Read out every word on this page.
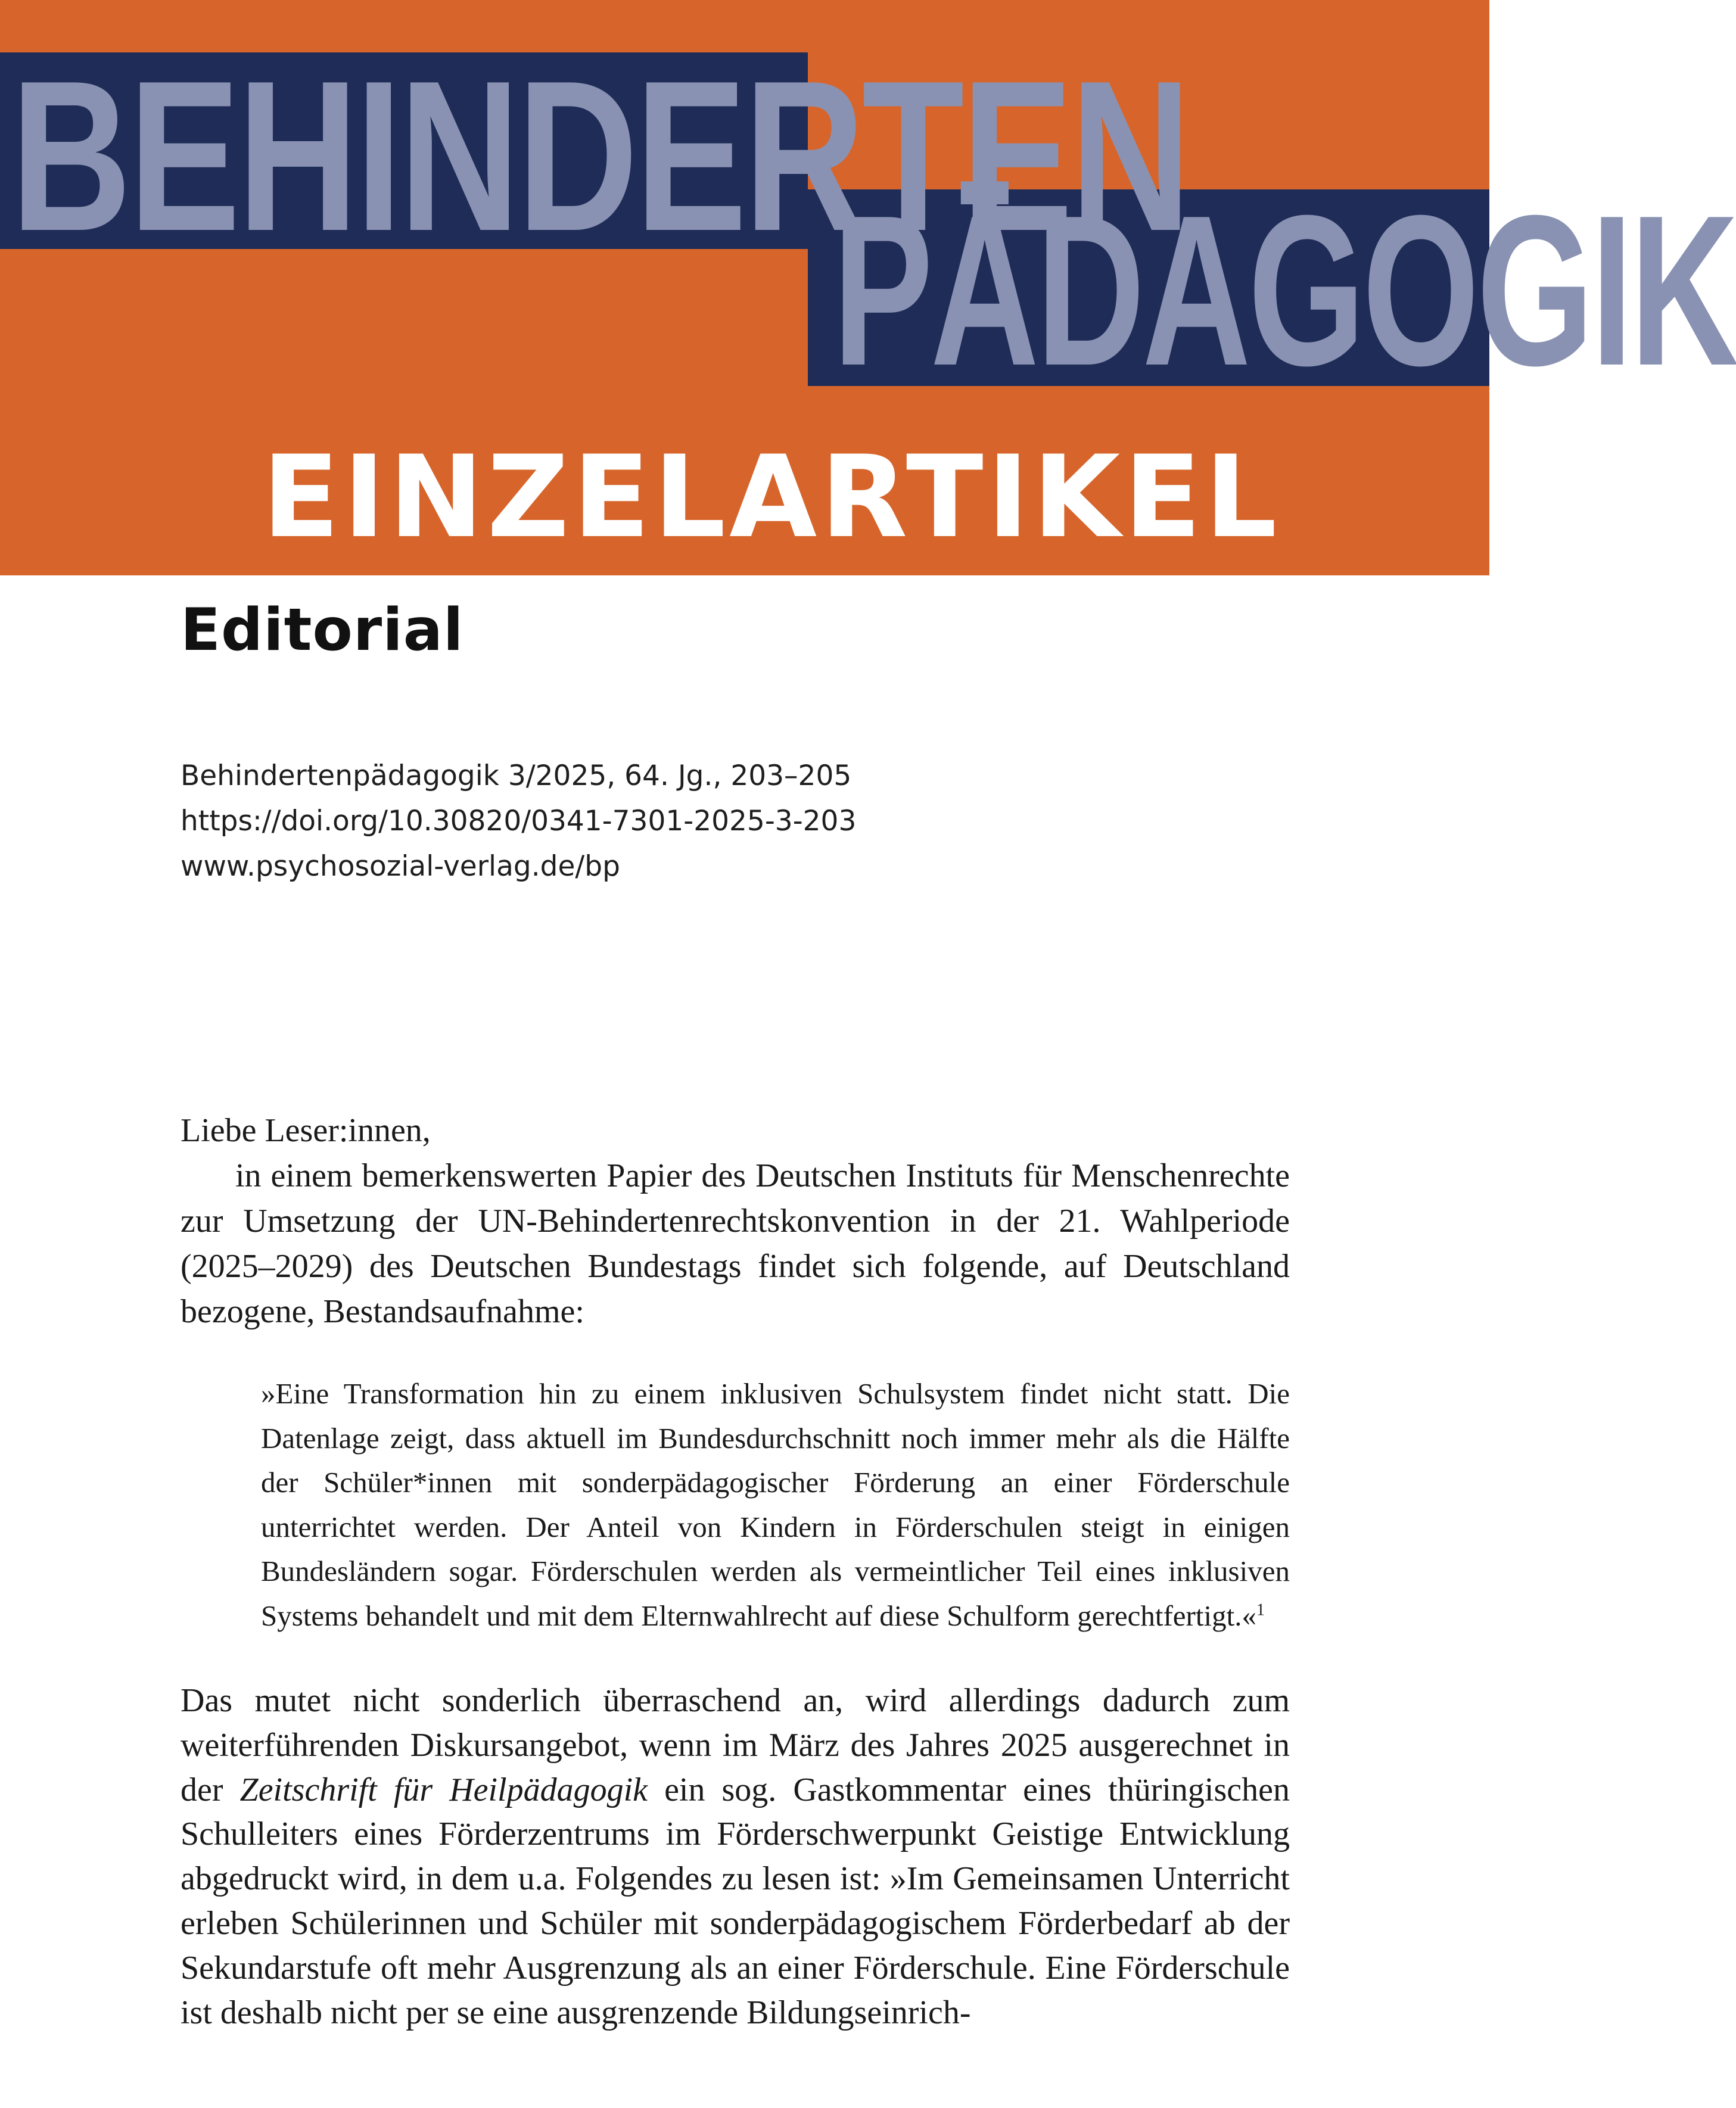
BEHINDERTEN
PÄDAGOGIK
EINZELARTIKEL
Editorial
Behindertenpädagogik 3/2025, 64. Jg., 203–205
https://doi.org/10.30820/0341-7301-2025-3-203
www.psychosozial-verlag.de/bp
Liebe Leser:innen,

in einem bemerkenswerten Papier des Deutschen Instituts für Menschenrechte zur Umsetzung der UN-Behindertenrechtskonvention in der 21. Wahlperiode (2025–2029) des Deutschen Bundestags findet sich folgende, auf Deutschland bezogene, Bestandsaufnahme:

»Eine Transformation hin zu einem inklusiven Schulsystem findet nicht statt. Die Datenlage zeigt, dass aktuell im Bundesdurchschnitt noch immer mehr als die Hälfte der Schüler*innen mit sonderpädagogischer Förderung an einer Förderschule unterrichtet werden. Der Anteil von Kindern in Förderschulen steigt in einigen Bundesländern sogar. Förderschulen werden als vermeintlicher Teil eines inklusiven Systems behandelt und mit dem Elternwahlrecht auf diese Schulform gerechtfertigt.«$^1$

Das mutet nicht sonderlich überraschend an, wird allerdings dadurch zum weiterführenden Diskursangebot, wenn im März des Jahres 2025 ausgerechnet in der Zeitschrift für Heilpädagogik ein sog. Gastkommentar eines thüringischen Schulleiters eines Förderzentrums im Förderschwerpunkt Geistige Entwicklung abgedruckt wird, in dem u.a. Folgendes zu lesen ist: »Im Gemeinsamen Unterricht erleben Schülerinnen und Schüler mit sonderpädagogischem Förderbedarf ab der Sekundarstufe oft mehr Ausgrenzung als an einer Förderschule. Eine Förderschule ist deshalb nicht per se eine ausgrenzende Bildungseinrich-
